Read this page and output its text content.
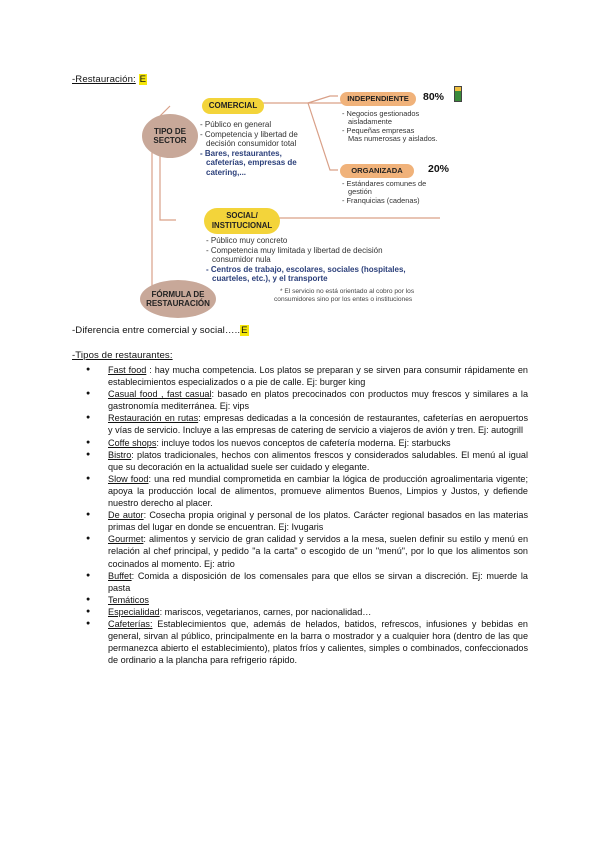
-Restauración: E
TIPO DE
SECTOR
COMERCIAL
- Público en general
- Competencia y libertad de
decisión consumidor total
- Bares, restaurantes,
cafeterías, empresas de
catering,...
INDEPENDIENTE	80%
- Negocios gestionados
aisladamente
- Pequeñas empresas
Mas numerosas y aislados.
ORGANIZADA	20%
- Estándares comunes de
gestión
- Franquicias (cadenas)
SOCIAL/
INSTITUCIONAL
- Público muy concreto
- Competencia muy limitada y libertad de decisión
consumidor nula
- Centros de trabajo, escolares, sociales (hospitales,
cuarteles, etc.), y el transporte
FÓRMULA DE
RESTAURACIÓN
* El servicio no está orientado al cobro por los
consumidores sino por los entes o instituciones
-Diferencia entre comercial y social…..E
-Tipos de restaurantes:
● Fast food : hay mucha competencia. Los platos se preparan y se sirven para consumir rápidamente en establecimientos especializados o a pie de calle. Ej: burger king
● Casual food , fast casual: basado en platos precocinados con productos muy frescos y similares a la gastronomía mediterránea. Ej: vips
● Restauración en rutas: empresas dedicadas a la concesión de restaurantes, cafeterías en aeropuertos y vías de servicio. Incluye a las empresas de catering de servicio a viajeros de avión y tren. Ej: autogrill
● Coffe shops: incluye todos los nuevos conceptos de cafetería moderna. Ej: starbucks
● Bistro: platos tradicionales, hechos con alimentos frescos y considerados saludables. El menú al igual que su decoración en la actualidad suele ser cuidado y elegante.
● Slow food: una red mundial comprometida en cambiar la lógica de producción agroalimentaria vigente; apoya la producción local de alimentos, promueve alimentos Buenos, Limpios y Justos, y defiende nuestro derecho al placer.
● De autor: Cosecha propia original y personal de los platos. Carácter regional basados en las materias primas del lugar en donde se encuentran. Ej: Ivugaris
● Gourmet: alimentos y servicio de gran calidad y servidos a la mesa, suelen definir su estilo y menú en relación al chef principal, y pedido "a la carta" o escogido de un "menú", por lo que los alimentos son cocinados al momento. Ej: atrio
● Buffet: Comida a disposición de los comensales para que ellos se sirvan a discreción. Ej: muerde la pasta
● Temáticos
● Especialidad: mariscos, vegetarianos, carnes, por nacionalidad…
● Cafeterías: Establecimientos que, además de helados, batidos, refrescos, infusiones y bebidas en general, sirvan al público, principalmente en la barra o mostrador y a cualquier hora (dentro de las que permanezca abierto el establecimiento), platos fríos y calientes, simples o combinados, confeccionados de ordinario a la plancha para refrigerio rápido.
